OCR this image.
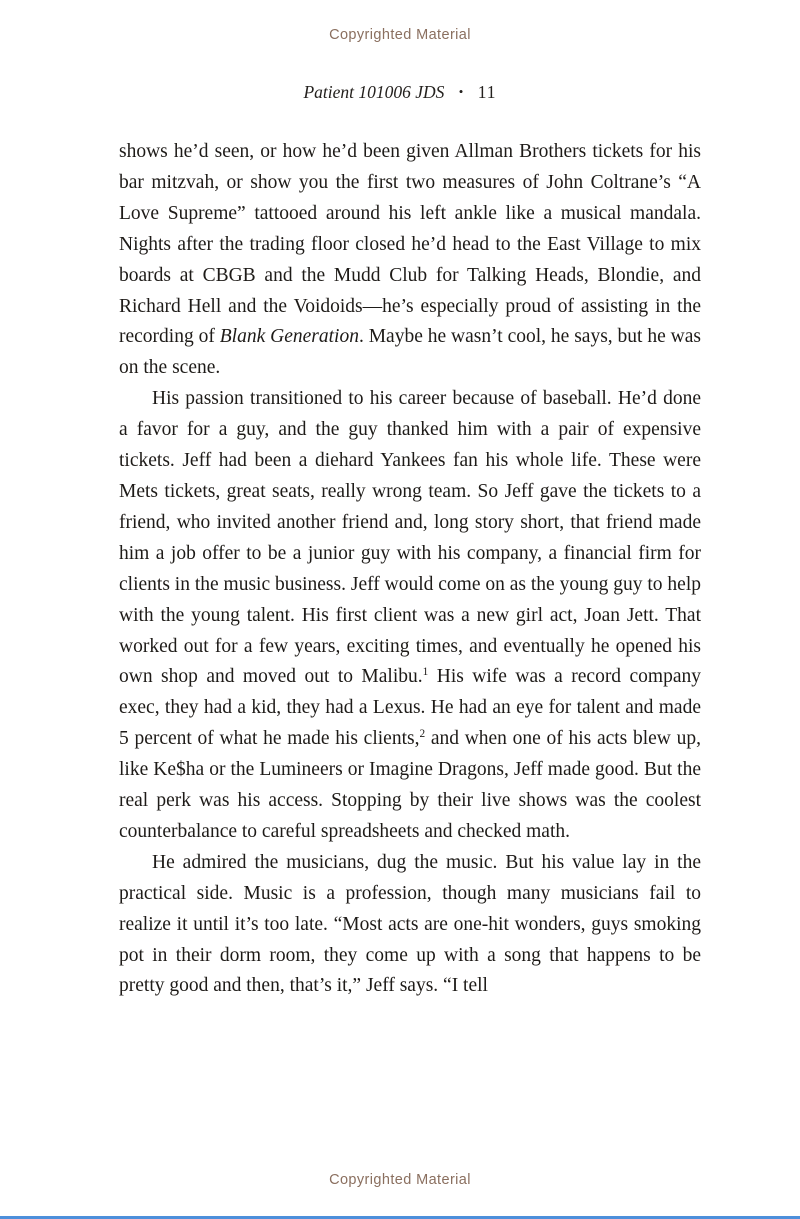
Copyrighted Material
Patient 101006 JDS • 11

shows he’d seen, or how he’d been given Allman Brothers tickets for his bar mitzvah, or show you the first two measures of John Coltrane’s “A Love Supreme” tattooed around his left ankle like a musical mandala. Nights after the trading floor closed he’d head to the East Village to mix boards at CBGB and the Mudd Club for Talking Heads, Blondie, and Richard Hell and the Voidoids—he’s especially proud of assisting in the recording of Blank Generation. Maybe he wasn’t cool, he says, but he was on the scene.

His passion transitioned to his career because of baseball. He’d done a favor for a guy, and the guy thanked him with a pair of expensive tickets. Jeff had been a diehard Yankees fan his whole life. These were Mets tickets, great seats, really wrong team. So Jeff gave the tickets to a friend, who invited another friend and, long story short, that friend made him a job offer to be a junior guy with his company, a financial firm for clients in the music business. Jeff would come on as the young guy to help with the young talent. His first client was a new girl act, Joan Jett. That worked out for a few years, exciting times, and eventually he opened his own shop and moved out to Malibu.$^1$ His wife was a record company exec, they had a kid, they had a Lexus. He had an eye for talent and made 5 percent of what he made his clients,$^2$ and when one of his acts blew up, like Ke$ha or the Lumineers or Imagine Dragons, Jeff made good. But the real perk was his access. Stopping by their live shows was the coolest counterbalance to careful spreadsheets and checked math.

He admired the musicians, dug the music. But his value lay in the practical side. Music is a profession, though many musicians fail to realize it until it’s too late. “Most acts are one-hit wonders, guys smoking pot in their dorm room, they come up with a song that happens to be pretty good and then, that’s it,” Jeff says. “I tell

Copyrighted Material
